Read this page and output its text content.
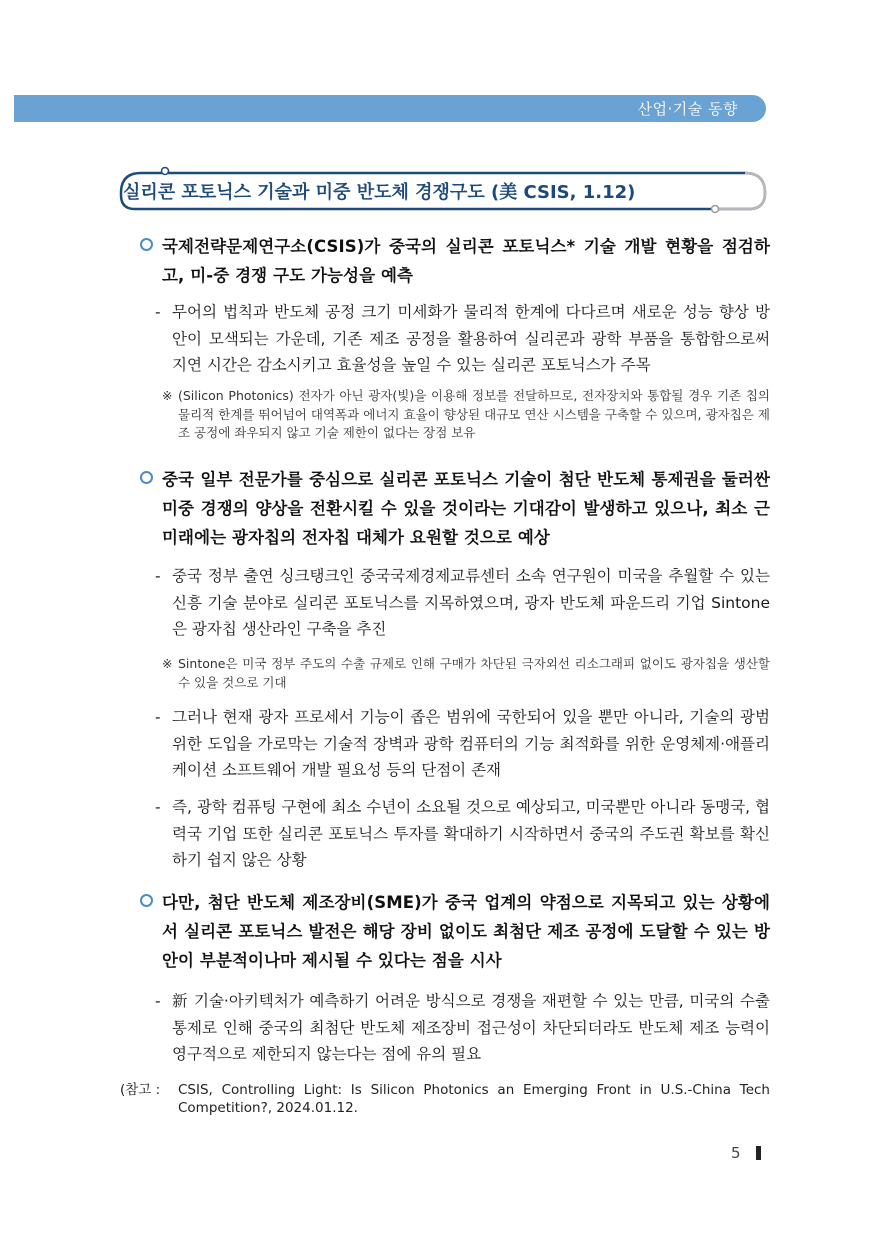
산업·기술 동향
실리콘 포토닉스 기술과 미중 반도체 경쟁구도 (美 CSIS, 1.12)
국제전략문제연구소(CSIS)가 중국의 실리콘 포토닉스* 기술 개발 현황을 점검하고, 미-중 경쟁 구도 가능성을 예측
- 무어의 법칙과 반도체 공정 크기 미세화가 물리적 한계에 다다르며 새로운 성능 향상 방안이 모색되는 가운데, 기존 제조 공정을 활용하여 실리콘과 광학 부품을 통합함으로써 지연 시간은 감소시키고 효율성을 높일 수 있는 실리콘 포토닉스가 주목
※ (Silicon Photonics) 전자가 아닌 광자(빛)을 이용해 정보를 전달하므로, 전자장치와 통합될 경우 기존 칩의 물리적 한계를 뛰어넘어 대역폭과 에너지 효율이 향상된 대규모 연산 시스템을 구축할 수 있으며, 광자칩은 제조 공정에 좌우되지 않고 기술 제한이 없다는 장점 보유
중국 일부 전문가를 중심으로 실리콘 포토닉스 기술이 첨단 반도체 통제권을 둘러싼 미중 경쟁의 양상을 전환시킬 수 있을 것이라는 기대감이 발생하고 있으나, 최소 근미래에는 광자칩의 전자칩 대체가 요원할 것으로 예상
- 중국 정부 출연 싱크탱크인 중국국제경제교류센터 소속 연구원이 미국을 추월할 수 있는 신흥 기술 분야로 실리콘 포토닉스를 지목하였으며, 광자 반도체 파운드리 기업 Sintone은 광자칩 생산라인 구축을 추진
※ Sintone은 미국 정부 주도의 수출 규제로 인해 구매가 차단된 극자외선 리소그래피 없이도 광자칩을 생산할 수 있을 것으로 기대
- 그러나 현재 광자 프로세서 기능이 좁은 범위에 국한되어 있을 뿐만 아니라, 기술의 광범위한 도입을 가로막는 기술적 장벽과 광학 컴퓨터의 기능 최적화를 위한 운영체제·애플리케이션 소프트웨어 개발 필요성 등의 단점이 존재
- 즉, 광학 컴퓨팅 구현에 최소 수년이 소요될 것으로 예상되고, 미국뿐만 아니라 동맹국, 협력국 기업 또한 실리콘 포토닉스 투자를 확대하기 시작하면서 중국의 주도권 확보를 확신하기 쉽지 않은 상황
다만, 첨단 반도체 제조장비(SME)가 중국 업계의 약점으로 지목되고 있는 상황에서 실리콘 포토닉스 발전은 해당 장비 없이도 최첨단 제조 공정에 도달할 수 있는 방안이 부분적이나마 제시될 수 있다는 점을 시사
- 新 기술·아키텍처가 예측하기 어려운 방식으로 경쟁을 재편할 수 있는 만큼, 미국의 수출 통제로 인해 중국의 최첨단 반도체 제조장비 접근성이 차단되더라도 반도체 제조 능력이 영구적으로 제한되지 않는다는 점에 유의 필요
(참고 : CSIS, Controlling Light: Is Silicon Photonics an Emerging Front in U.S.-China Tech Competition?, 2024.01.12.
5
